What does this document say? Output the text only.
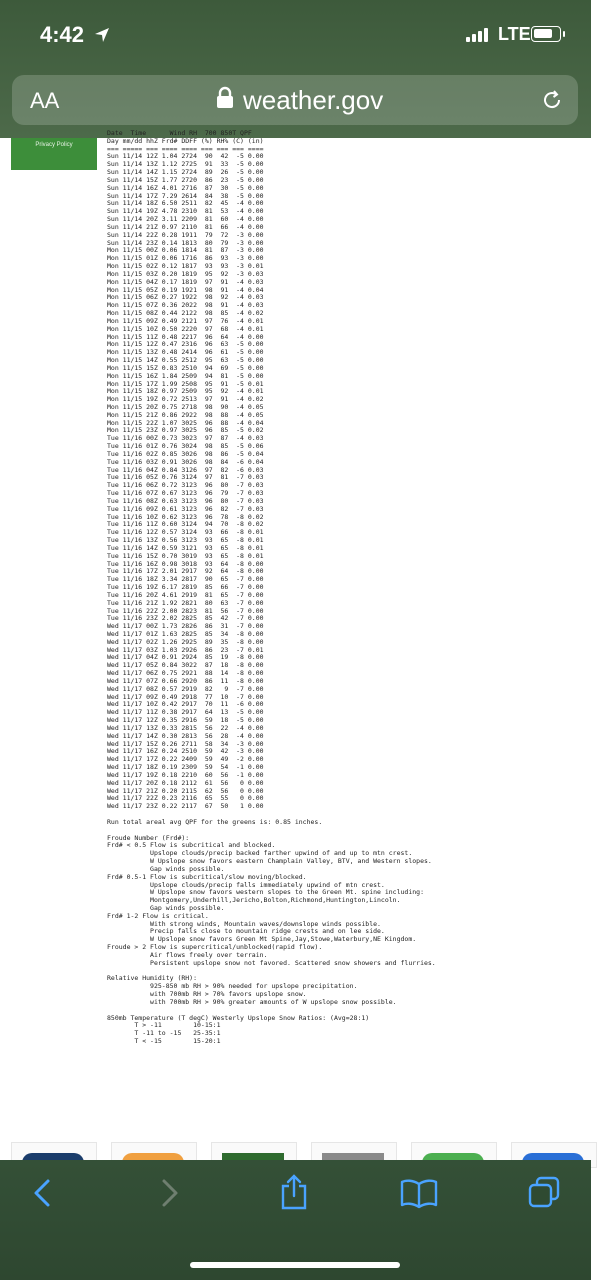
4:42	LTE
AA	weather.gov
Privacy Policy
Date  Time      Wind RH  700 850T QPF
Day mm/dd hhZ Frd# DDFF (%) RH% (C) (in)
=== ===== === ==== ==== === === === ====
Sun 11/14 12Z 1.04 2724  90  42  -5 0.00
Sun 11/14 13Z 1.12 2725  91  33  -5 0.00
Sun 11/14 14Z 1.15 2724  89  26  -5 0.00
Sun 11/14 15Z 1.77 2720  86  23  -5 0.00
Sun 11/14 16Z 4.01 2716  87  30  -5 0.00
Sun 11/14 17Z 7.29 2614  84  38  -5 0.00
Sun 11/14 18Z 6.50 2511  82  45  -4 0.00
Sun 11/14 19Z 4.78 2310  81  53  -4 0.00
Sun 11/14 20Z 3.11 2209  81  60  -4 0.00
Sun 11/14 21Z 0.97 2110  81  66  -4 0.00
Sun 11/14 22Z 0.28 1911  79  72  -3 0.00
Sun 11/14 23Z 0.14 1813  80  79  -3 0.00
Mon 11/15 00Z 0.06 1814  81  87  -3 0.00
Mon 11/15 01Z 0.06 1716  86  93  -3 0.00
Mon 11/15 02Z 0.12 1817  93  93  -3 0.01
Mon 11/15 03Z 0.20 1819  95  92  -3 0.03
Mon 11/15 04Z 0.17 1819  97  91  -4 0.03
Mon 11/15 05Z 0.19 1921  98  91  -4 0.04
Mon 11/15 06Z 0.27 1922  98  92  -4 0.03
Mon 11/15 07Z 0.36 2022  98  91  -4 0.03
Mon 11/15 08Z 0.44 2122  98  85  -4 0.02
Mon 11/15 09Z 0.49 2121  97  76  -4 0.01
Mon 11/15 10Z 0.50 2220  97  68  -4 0.01
Mon 11/15 11Z 0.48 2217  96  64  -4 0.00
Mon 11/15 12Z 0.47 2316  96  63  -5 0.00
Mon 11/15 13Z 0.48 2414  96  61  -5 0.00
Mon 11/15 14Z 0.55 2512  95  63  -5 0.00
Mon 11/15 15Z 0.83 2510  94  69  -5 0.00
Mon 11/15 16Z 1.84 2509  94  81  -5 0.00
Mon 11/15 17Z 1.99 2508  95  91  -5 0.01
Mon 11/15 18Z 0.97 2509  95  92  -4 0.01
Mon 11/15 19Z 0.72 2513  97  91  -4 0.02
Mon 11/15 20Z 0.75 2718  98  90  -4 0.05
Mon 11/15 21Z 0.86 2922  98  88  -4 0.05
Mon 11/15 22Z 1.07 3025  96  88  -4 0.04
Mon 11/15 23Z 0.97 3025  96  85  -5 0.02
Tue 11/16 00Z 0.73 3023  97  87  -4 0.03
Tue 11/16 01Z 0.76 3024  98  85  -5 0.06
Tue 11/16 02Z 0.85 3026  98  86  -5 0.04
Tue 11/16 03Z 0.91 3026  98  84  -6 0.04
Tue 11/16 04Z 0.84 3126  97  82  -6 0.03
Tue 11/16 05Z 0.76 3124  97  81  -7 0.03
Tue 11/16 06Z 0.72 3123  96  80  -7 0.03
Tue 11/16 07Z 0.67 3123  96  79  -7 0.03
Tue 11/16 08Z 0.63 3123  96  80  -7 0.03
Tue 11/16 09Z 0.61 3123  96  82  -7 0.03
Tue 11/16 10Z 0.62 3123  96  78  -8 0.02
Tue 11/16 11Z 0.60 3124  94  70  -8 0.02
Tue 11/16 12Z 0.57 3124  93  66  -8 0.01
Tue 11/16 13Z 0.56 3123  93  65  -8 0.01
Tue 11/16 14Z 0.59 3121  93  65  -8 0.01
Tue 11/16 15Z 0.70 3019  93  65  -8 0.01
Tue 11/16 16Z 0.98 3018  93  64  -8 0.00
Tue 11/16 17Z 2.01 2917  92  64  -8 0.00
Tue 11/16 18Z 3.34 2817  90  65  -7 0.00
Tue 11/16 19Z 6.17 2819  85  66  -7 0.00
Tue 11/16 20Z 4.61 2919  81  65  -7 0.00
Tue 11/16 21Z 1.92 2821  80  63  -7 0.00
Tue 11/16 22Z 2.00 2823  81  56  -7 0.00
Tue 11/16 23Z 2.02 2825  85  42  -7 0.00
Wed 11/17 00Z 1.73 2826  86  31  -7 0.00
Wed 11/17 01Z 1.63 2825  85  34  -8 0.00
Wed 11/17 02Z 1.26 2925  89  35  -8 0.00
Wed 11/17 03Z 1.03 2926  86  23  -7 0.01
Wed 11/17 04Z 0.91 2924  85  19  -8 0.00
Wed 11/17 05Z 0.84 3022  87  18  -8 0.00
Wed 11/17 06Z 0.75 2921  88  14  -8 0.00
Wed 11/17 07Z 0.66 2920  86  11  -8 0.00
Wed 11/17 08Z 0.57 2919  82   9  -7 0.00
Wed 11/17 09Z 0.49 2918  77  10  -7 0.00
Wed 11/17 10Z 0.42 2917  70  11  -6 0.00
Wed 11/17 11Z 0.38 2917  64  13  -5 0.00
Wed 11/17 12Z 0.35 2916  59  18  -5 0.00
Wed 11/17 13Z 0.33 2815  56  22  -4 0.00
Wed 11/17 14Z 0.30 2813  56  28  -4 0.00
Wed 11/17 15Z 0.26 2711  58  34  -3 0.00
Wed 11/17 16Z 0.24 2510  59  42  -3 0.00
Wed 11/17 17Z 0.22 2409  59  49  -2 0.00
Wed 11/17 18Z 0.19 2309  59  54  -1 0.00
Wed 11/17 19Z 0.18 2210  60  56  -1 0.00
Wed 11/17 20Z 0.18 2112  61  56   0 0.00
Wed 11/17 21Z 0.20 2115  62  56   0 0.00
Wed 11/17 22Z 0.23 2116  65  55   0 0.00
Wed 11/17 23Z 0.22 2117  67  50   1 0.00

Run total areal avg QPF for the greens is: 0.85 inches.

Froude Number (Frd#):
Frd# < 0.5 Flow is subcritical and blocked.
Upslope clouds/precip backed farther upwind of and up to mtn crest.
W Upslope snow favors eastern Champlain Valley, BTV, and Western slopes.
Gap winds possible.
Frd# 0.5-1 Flow is subcritical/slow moving/blocked.
Upslope clouds/precip falls immediately upwind of mtn crest.
W Upslope snow favors western slopes to the Green Mt. spine including:
Montgomery,Underhill,Jericho,Bolton,Richmond,Huntington,Lincoln.
Gap winds possible.
Frd# 1-2 Flow is critical.
With strong winds, Mountain waves/downslope winds possible.
Precip falls close to mountain ridge crests and on lee side.
W Upslope snow favors Green Mt Spine,Jay,Stowe,Waterbury,NE Kingdom.
Froude > 2 Flow is supercritical/unblocked(rapid flow).
Air flows freely over terrain.
Persistent upslope snow not favored. Scattered snow showers and flurries.

Relative Humidity (RH):
925-850 mb RH > 90% needed for upslope precipitation.
with 700mb RH > 70% favors upslope snow.
with 700mb RH > 90% greater amounts of W upslope snow possible.

850mb Temperature (T degC) Westerly Upslope Snow Ratios: (Avg=28:1)
T > -11        10-15:1
T -11 to -15   25-35:1
T < -15        15-20:1
